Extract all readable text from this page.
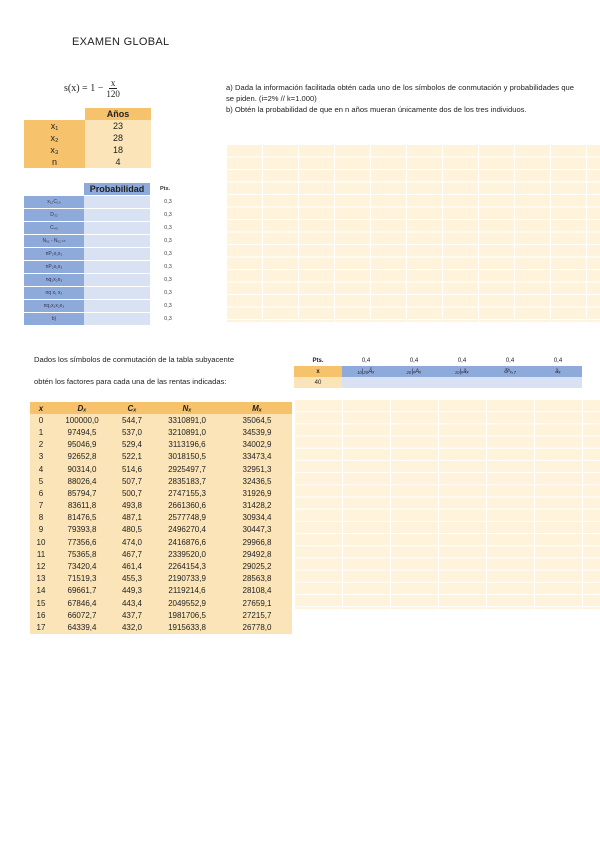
EXAMEN GLOBAL
$s(x) = 1 - \frac{x}{120}$
	Años
x₁	23
x₂	28
x₃	18
n	4
	Probabilidad	Pts.
x₁₂C₁₀		0,3
D₃₂		0,3
C₄₀		0,3
Nₓ₁ - Nₓ₁₊ₙ		0,3
nP₂x₁x₂		0,3
nP₂x₁x₃		0,3
nq₂x₂x₃		0,3
nq x₁ x₂		0,3
nq₂x₁x₂x₃		0,3
b)		0,3
a) Dada la información facilitada obtén cada uno de los símbolos de conmutación y probabilidades que se piden. (i=2% // k=1.000)
b) Obtén la probabilidad de que en n años mueran únicamente dos de los tres individuos.
Dados los símbolos de conmutación de la tabla subyacente
obtén los factores para cada una de las rentas indicadas:
x	Dₓ	Cₓ	Nₓ	Mₓ
0	100000,0	544,7	3310891,0	35064,5
1	97494,5	537,0	3210891,0	34539,9
2	95046,9	529,4	3113196,6	34002,9
3	92652,8	522,1	3018150,5	33473,4
4	90314,0	514,6	2925497,7	32951,3
5	88026,4	507,7	2835183,7	32436,5
6	85794,7	500,7	2747155,3	31926,9
7	83611,8	493,8	2661360,6	31428,2
8	81476,5	487,1	2577748,9	30934,4
9	79393,8	480,5	2496270,4	30447,3
10	77356,6	474,0	2416876,6	29966,8
11	75365,8	467,7	2339520,0	29492,8
12	73420,4	461,4	2264154,3	29025,2
13	71519,3	455,3	2190733,9	28563,8
14	69661,7	449,3	2119214,6	28108,4
15	67846,4	443,4	2049552,9	27659,1
16	66072,7	437,7	1981706,5	27215,7
17	64339,4	432,0	1915633,8	26778,0
Pts.	0,4	0,4	0,4	0,4	0,4
x	₁₀|₂₀Äₓ	₂₀|ₓAₓ	₁₀|ₓäₓ	δ̈ᵖₓ,₇	äₓ
40					
